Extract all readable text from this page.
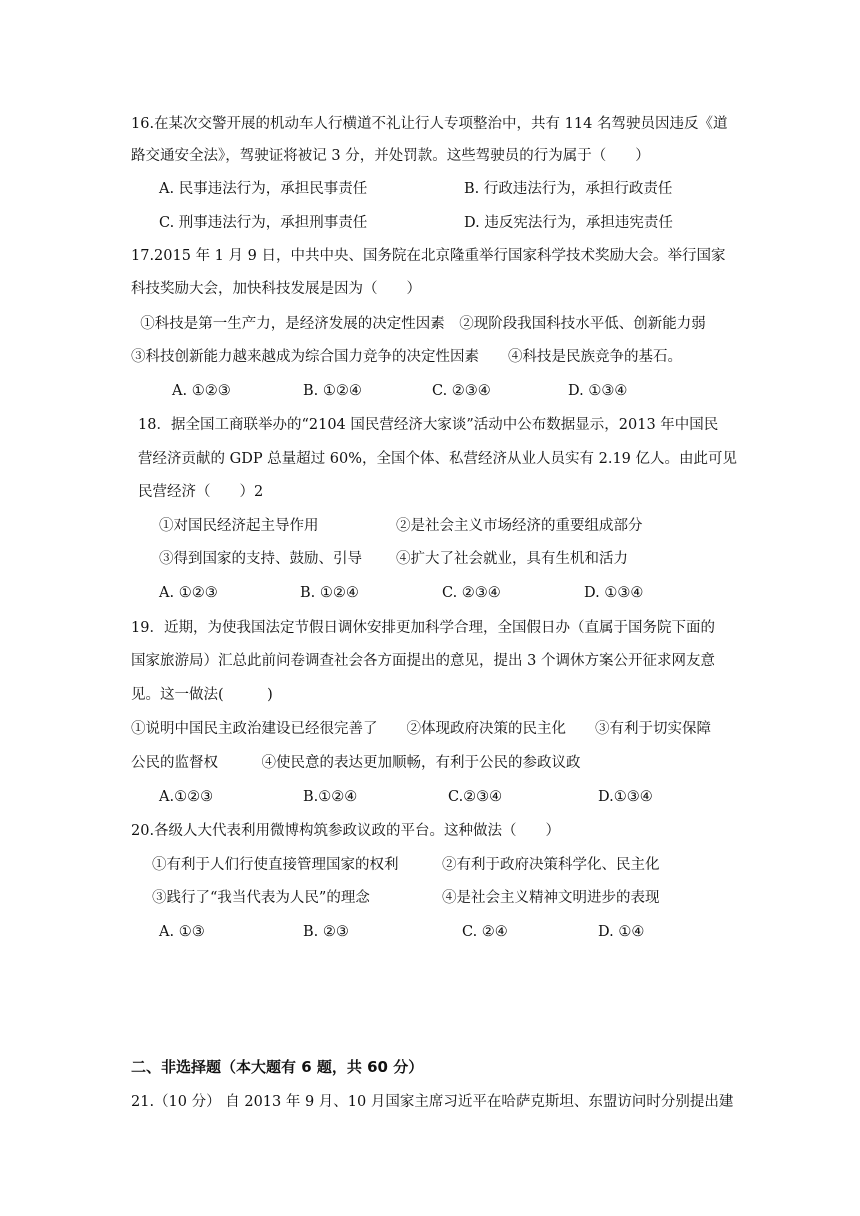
16.在某次交警开展的机动车人行横道不礼让行人专项整治中，共有 114 名驾驶员因违反《道
路交通安全法》，驾驶证将被记 3 分，并处罚款。这些驾驶员的行为属于（　　）
A. 民事违法行为，承担民事责任	B. 行政违法行为，承担行政责任
C. 刑事违法行为，承担刑事责任	D. 违反宪法行为，承担违宪责任
17.2015 年 1 月 9 日，中共中央、国务院在北京隆重举行国家科学技术奖励大会。举行国家
科技奖励大会，加快科技发展是因为（　　）
①科技是第一生产力，是经济发展的决定性因素　②现阶段我国科技水平低、创新能力弱
③科技创新能力越来越成为综合国力竞争的决定性因素　　④科技是民族竞争的基石。
A. ①②③	B. ①②④	C. ②③④	D. ①③④
18．据全国工商联举办的“2104 国民营经济大家谈”活动中公布数据显示，2013 年中国民
营经济贡献的 GDP 总量超过 60%，全国个体、私营经济从业人员实有 2.19 亿人。由此可见
民营经济（　　）2
①对国民经济起主导作用	②是社会主义市场经济的重要组成部分
③得到国家的支持、鼓励、引导 ④扩大了社会就业，具有生机和活力
A. ①②③	B. ①②④	C. ②③④	D. ①③④
19．近期，为使我国法定节假日调休安排更加科学合理，全国假日办（直属于国务院下面的
国家旅游局）汇总此前问卷调查社会各方面提出的意见，提出 3 个调休方案公开征求网友意
见。这一做法(　　　)
①说明中国民主政治建设已经很完善了　　②体现政府决策的民主化　　③有利于切实保障
公民的监督权　　　④使民意的表达更加顺畅，有利于公民的参政议政
A.①②③	B.①②④	C.②③④	D.①③④
20.各级人大代表利用微博构筑参政议政的平台。这种做法（　　）
①有利于人们行使直接管理国家的权利	②有利于政府决策科学化、民主化
③践行了“我当代表为人民”的理念	④是社会主义精神文明进步的表现
A. ①③	B. ②③	C. ②④	D. ①④
二、非选择题（本大题有 6 题，共 60 分）
21.（10 分） 自 2013 年 9 月、10 月国家主席习近平在哈萨克斯坦、东盟访问时分别提出建
